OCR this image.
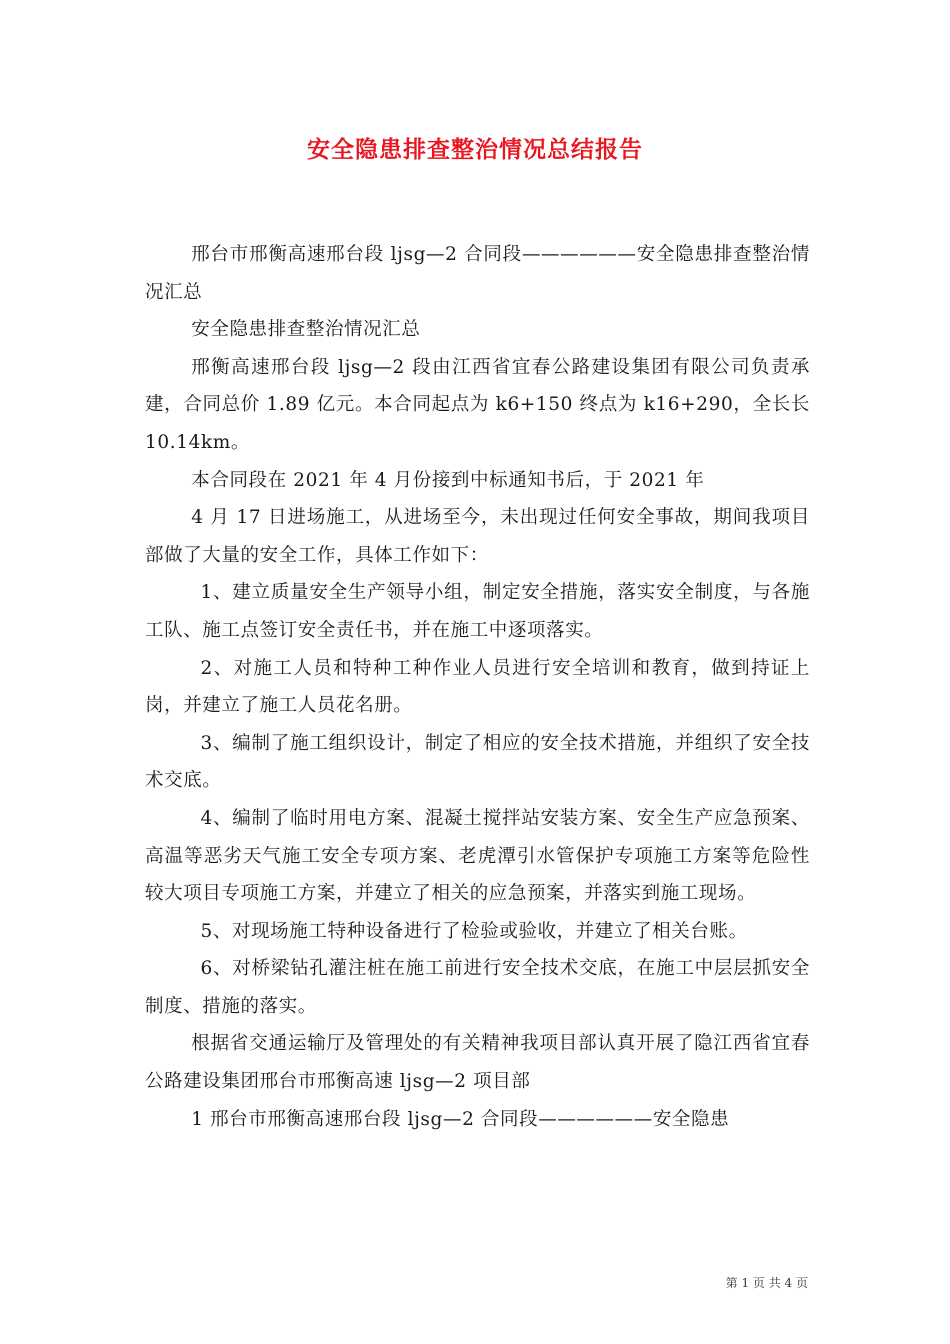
安全隐患排查整治情况总结报告

邢台市邢衡高速邢台段 ljsg—2 合同段——————安全隐患排查整治情况汇总

安全隐患排查整治情况汇总

邢衡高速邢台段 ljsg—2 段由江西省宜春公路建设集团有限公司负责承建，合同总价 1.89 亿元。本合同起点为 k6+150 终点为 k16+290，全长长 10.14km。

本合同段在 2021 年 4 月份接到中标通知书后，于 2021 年

4 月 17 日进场施工，从进场至今，未出现过任何安全事故，期间我项目部做了大量的安全工作，具体工作如下：

1、建立质量安全生产领导小组，制定安全措施，落实安全制度，与各施工队、施工点签订安全责任书，并在施工中逐项落实。

2、对施工人员和特种工种作业人员进行安全培训和教育，做到持证上岗，并建立了施工人员花名册。

3、编制了施工组织设计，制定了相应的安全技术措施，并组织了安全技术交底。

4、编制了临时用电方案、混凝土搅拌站安装方案、安全生产应急预案、高温等恶劣天气施工安全专项方案、老虎潭引水管保护专项施工方案等危险性较大项目专项施工方案，并建立了相关的应急预案，并落实到施工现场。

5、对现场施工特种设备进行了检验或验收，并建立了相关台账。

6、对桥梁钻孔灌注桩在施工前进行安全技术交底，在施工中层层抓安全制度、措施的落实。

根据省交通运输厅及管理处的有关精神我项目部认真开展了隐江西省宜春公路建设集团邢台市邢衡高速 ljsg—2 项目部

1 邢台市邢衡高速邢台段 ljsg—2 合同段——————安全隐患

第 1 页 共 4 页
